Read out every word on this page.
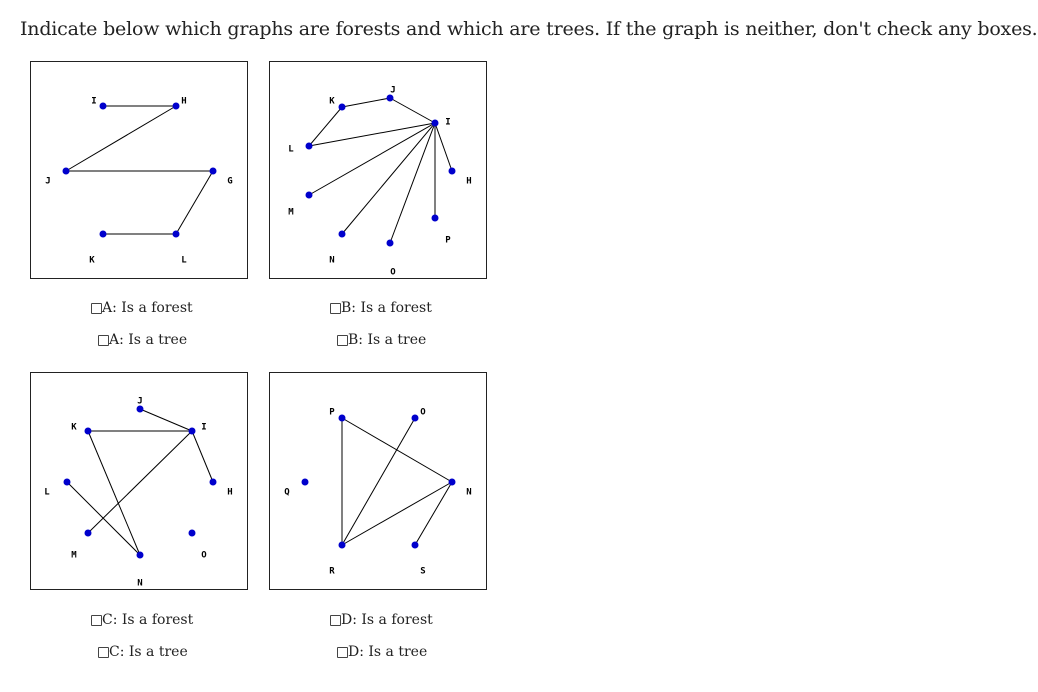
Indicate below which graphs are forests and which are trees. If the graph is neither, don't check any boxes.
I	H
G
L
K
J
A: Is a forest
A: Is a tree
J
I
H
P
O
N
M
L
K
B: Is a forest
B: Is a tree
J
I
H
O
N
M
L
K
C: Is a forest
C: Is a tree
P	O
N
S
R
Q
D: Is a forest
D: Is a tree
